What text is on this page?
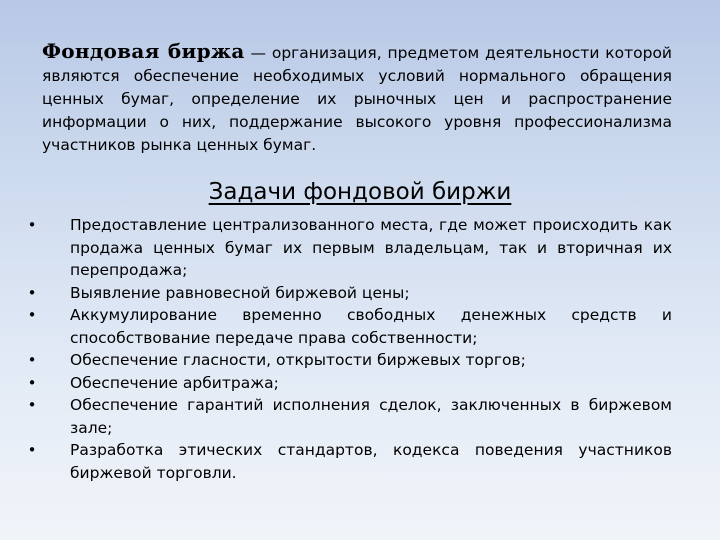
Фондовая биржа — организация, предметом деятельности которой являются обеспечение необходимых условий нормального обращения ценных бумаг, определение их рыночных цен и распространение информации о них, поддержание высокого уровня профессионализма участников рынка ценных бумаг.

Задачи фондовой биржи
• Предоставление централизованного места, где может происходить как продажа ценных бумаг их первым владельцам, так и вторичная их перепродажа;
• Выявление равновесной биржевой цены;
• Аккумулирование временно свободных денежных средств и способствование передаче права собственности;
• Обеспечение гласности, открытости биржевых торгов;
• Обеспечение арбитража;
• Обеспечение гарантий исполнения сделок, заключенных в биржевом зале;
• Разработка этических стандартов, кодекса поведения участников биржевой торговли.
